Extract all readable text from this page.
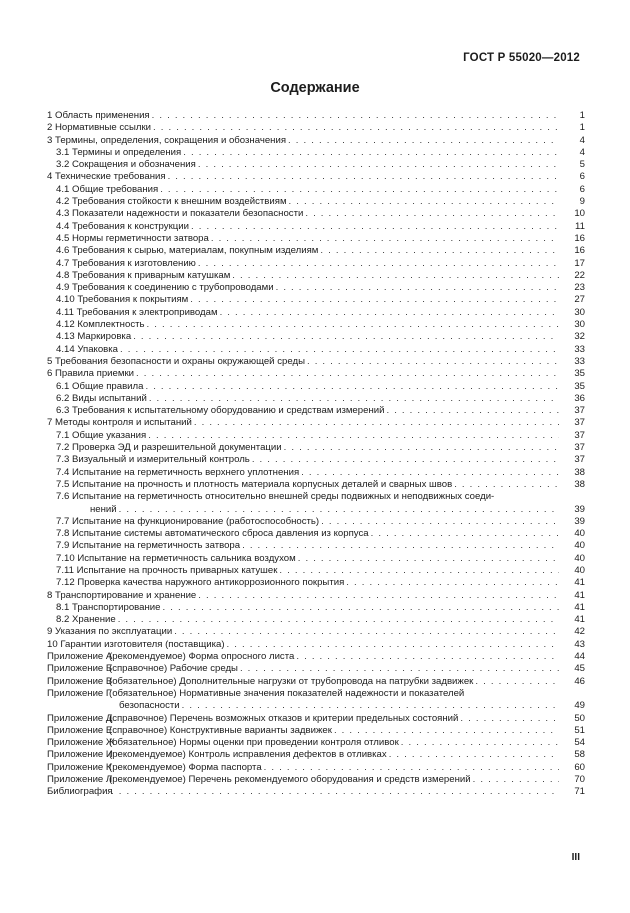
ГОСТ Р 55020—2012
Содержание
1 Область применения . . .	1
2 Нормативные ссылки . . .	1
3 Термины, определения, сокращения и обозначения . . .	4
3.1 Термины и определения . . .	4
3.2 Сокращения и обозначения . . .	5
4 Технические требования . . .	6
4.1 Общие требования . . .	6
4.2 Требования стойкости к внешним воздействиям . . .	9
4.3 Показатели надежности и показатели безопасности . . .	10
4.4 Требования к конструкции . . .	11
4.5 Нормы герметичности затвора . . .	16
4.6 Требования к сырью, материалам, покупным изделиям . . .	16
4.7 Требования к изготовлению . . .	17
4.8 Требования к приварным катушкам . . .	22
4.9 Требования к соединению с трубопроводами . . .	23
4.10 Требования к покрытиям . . .	27
4.11 Требования к электроприводам . . .	30
4.12 Комплектность . . .	30
4.13 Маркировка . . .	32
4.14 Упаковка . . .	33
5 Требования безопасности и охраны окружающей среды . . .	33
6 Правила приемки . . .	35
6.1 Общие правила . . .	35
6.2 Виды испытаний . . .	36
6.3 Требования к испытательному оборудованию и средствам измерений . . .	37
7 Методы контроля и испытаний . . .	37
7.1 Общие указания . . .	37
7.2 Проверка ЭД и разрешительной документации . . .	37
7.3 Визуальный и измерительный контроль . . .	37
7.4 Испытание на герметичность верхнего уплотнения . . .	38
7.5 Испытание на прочность и плотность материала корпусных деталей и сварных швов . . .	38
7.6 Испытание на герметичность относительно внешней среды подвижных и неподвижных соеди-
нений . . .	39
7.7 Испытание на функционирование (работоспособность) . . .	39
7.8 Испытание системы автоматического сброса давления из корпуса . . .	40
7.9 Испытание на герметичность затвора . . .	40
7.10 Испытание на герметичность сальника воздухом . . .	40
7.11 Испытание на прочность приварных катушек . . .	40
7.12 Проверка качества наружного антикоррозионного покрытия . . .	41
8 Транспортирование и хранение . . .	41
8.1 Транспортирование . . .	41
8.2 Хранение . . .	41
9 Указания по эксплуатации . . .	42
10 Гарантии изготовителя (поставщика) . . .	43
Приложение А(рекомендуемое) Форма опросного листа . . .	44
Приложение Б(справочное) Рабочие среды . . .	45
Приложение В(обязательное) Дополнительные нагрузки от трубопровода на патрубки задвижек . . .	46
Приложение Г(обязательное) Нормативные значения показателей надежности и показателей
безопасности . . .	49
Приложение Д(справочное) Перечень возможных отказов и критерии предельных состояний . . .	50
Приложение Е(справочное) Конструктивные варианты задвижек . . .	51
Приложение Ж(обязательное) Нормы оценки при проведении контроля отливок . . .	54
Приложение И(рекомендуемое) Контроль исправления дефектов в отливках . . .	58
Приложение К(рекомендуемое) Форма паспорта . . .	60
Приложение Л(рекомендуемое) Перечень рекомендуемого оборудования и средств измерений . . .	70
Библиография . . .	71
III
